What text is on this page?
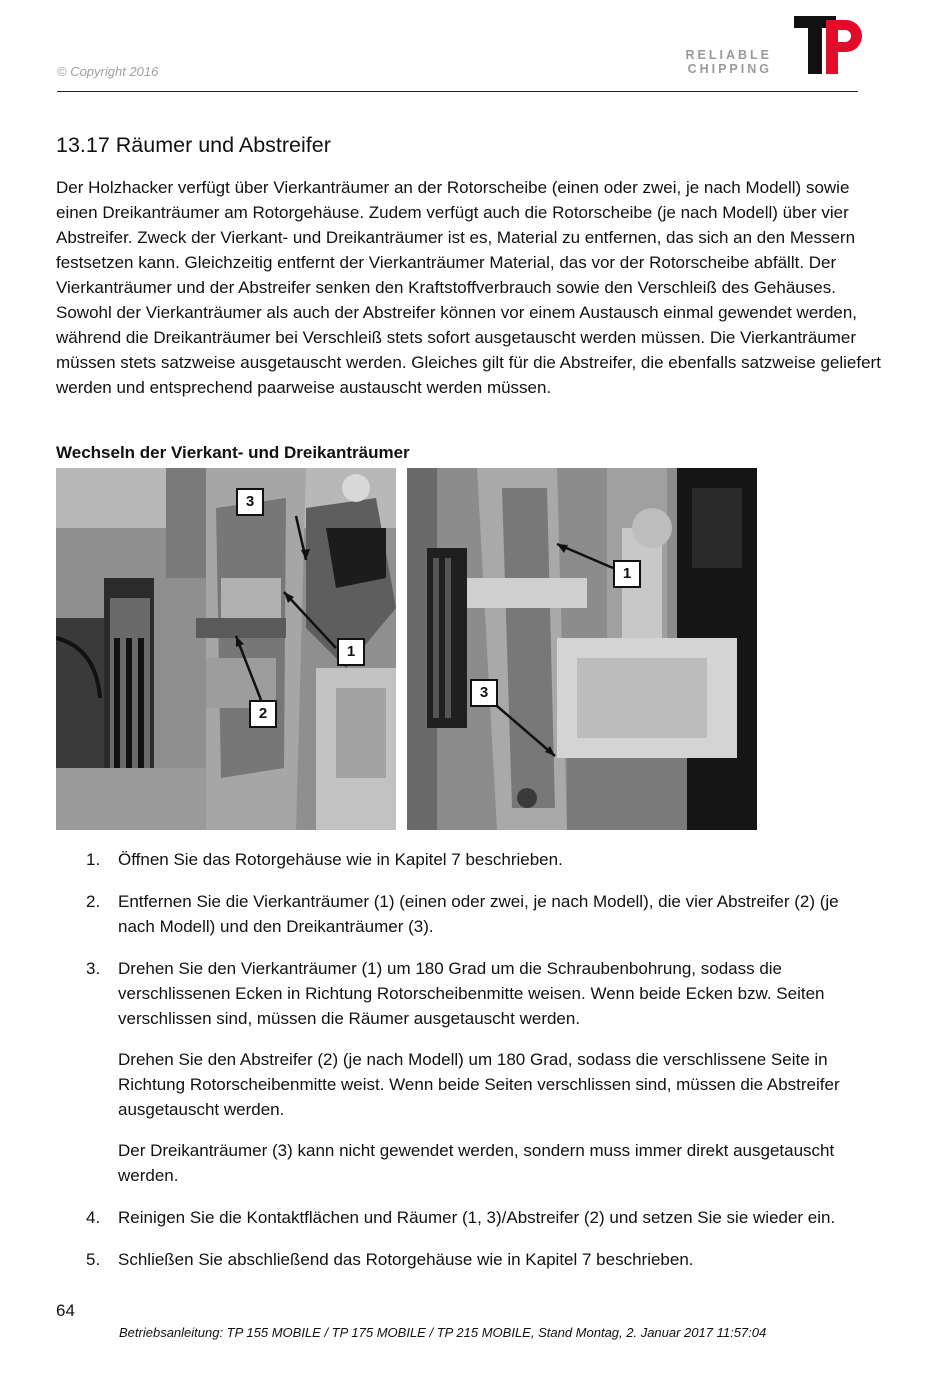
© Copyright 2016
RELIABLE
CHIPPING
13.17 Räumer und Abstreifer

Der Holzhacker verfügt über Vierkanträumer an der Rotorscheibe (einen oder zwei, je nach Modell) sowie einen Dreikanträumer am Rotorgehäuse. Zudem verfügt auch die Rotorscheibe (je nach Modell) über vier Abstreifer. Zweck der Vierkant- und Dreikanträumer ist es, Material zu entfernen, das sich an den Messern festsetzen kann. Gleichzeitig entfernt der Vierkanträumer Material, das vor der Rotorscheibe abfällt. Der Vierkanträumer und der Abstreifer senken den Kraftstoffverbrauch sowie den Verschleiß des Gehäuses.

Sowohl der Vierkanträumer als auch der Abstreifer können vor einem Austausch einmal gewendet werden, während die Dreikanträumer bei Verschleiß stets sofort ausgetauscht werden müssen. Die Vierkanträumer müssen stets satzweise ausgetauscht werden. Gleiches gilt für die Abstreifer, die ebenfalls satzweise geliefert werden und entsprechend paarweise austauscht werden müssen.

Wechseln der Vierkant- und Dreikanträumer
3
1
2
1
3
1.	Öffnen Sie das Rotorgehäuse wie in Kapitel 7 beschrieben.

2.	Entfernen Sie die Vierkanträumer (1) (einen oder zwei, je nach Modell), die vier Abstreifer (2) (je nach Modell) und den Dreikanträumer (3).

3.	Drehen Sie den Vierkanträumer (1) um 180 Grad um die Schraubenbohrung, sodass die verschlissenen Ecken in Richtung Rotorscheibenmitte weisen. Wenn beide Ecken bzw. Seiten verschlissen sind, müssen die Räumer ausgetauscht werden.

Drehen Sie den Abstreifer (2) (je nach Modell) um 180 Grad, sodass die verschlissene Seite in Richtung Rotorscheibenmitte weist. Wenn beide Seiten verschlissen sind, müssen die Abstreifer ausgetauscht werden.

Der Dreikanträumer (3) kann nicht gewendet werden, sondern muss immer direkt ausgetauscht werden.

4.	Reinigen Sie die Kontaktflächen und Räumer (1, 3)/Abstreifer (2) und setzen Sie sie wieder ein.

5.	Schließen Sie abschließend das Rotorgehäuse wie in Kapitel 7 beschrieben.

64
Betriebsanleitung: TP 155 MOBILE / TP 175 MOBILE / TP 215 MOBILE, Stand Montag, 2. Januar 2017 11:57:04
